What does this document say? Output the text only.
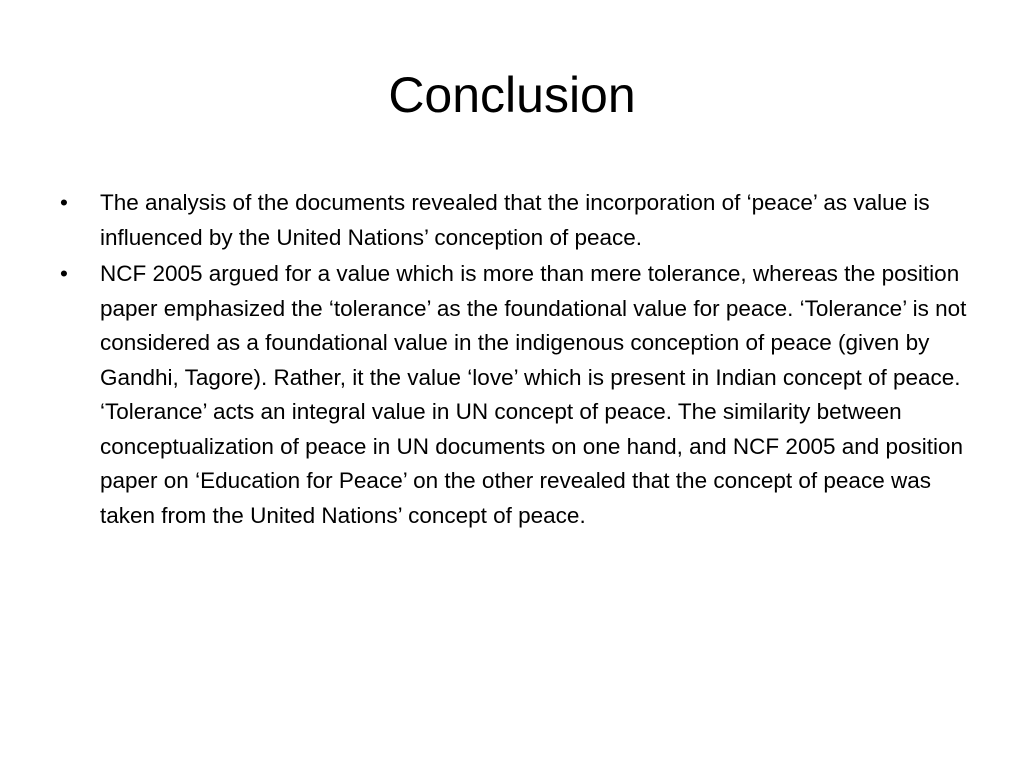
Conclusion
•	The analysis of the documents revealed that the incorporation of ‘peace’ as value is influenced by the United Nations’ conception of peace.
•	NCF 2005 argued for a value which is more than mere tolerance, whereas the position paper emphasized the ‘tolerance’ as the foundational value for peace. ‘Tolerance’ is not considered as a foundational value in the indigenous conception of peace (given by Gandhi, Tagore). Rather, it the value ‘love’ which is present in Indian concept of peace. ‘Tolerance’ acts an integral value in UN concept of peace. The similarity between conceptualization of peace in UN documents on one hand, and NCF 2005 and position paper on ‘Education for Peace’ on the other revealed that the concept of peace was taken from the United Nations’ concept of peace.
